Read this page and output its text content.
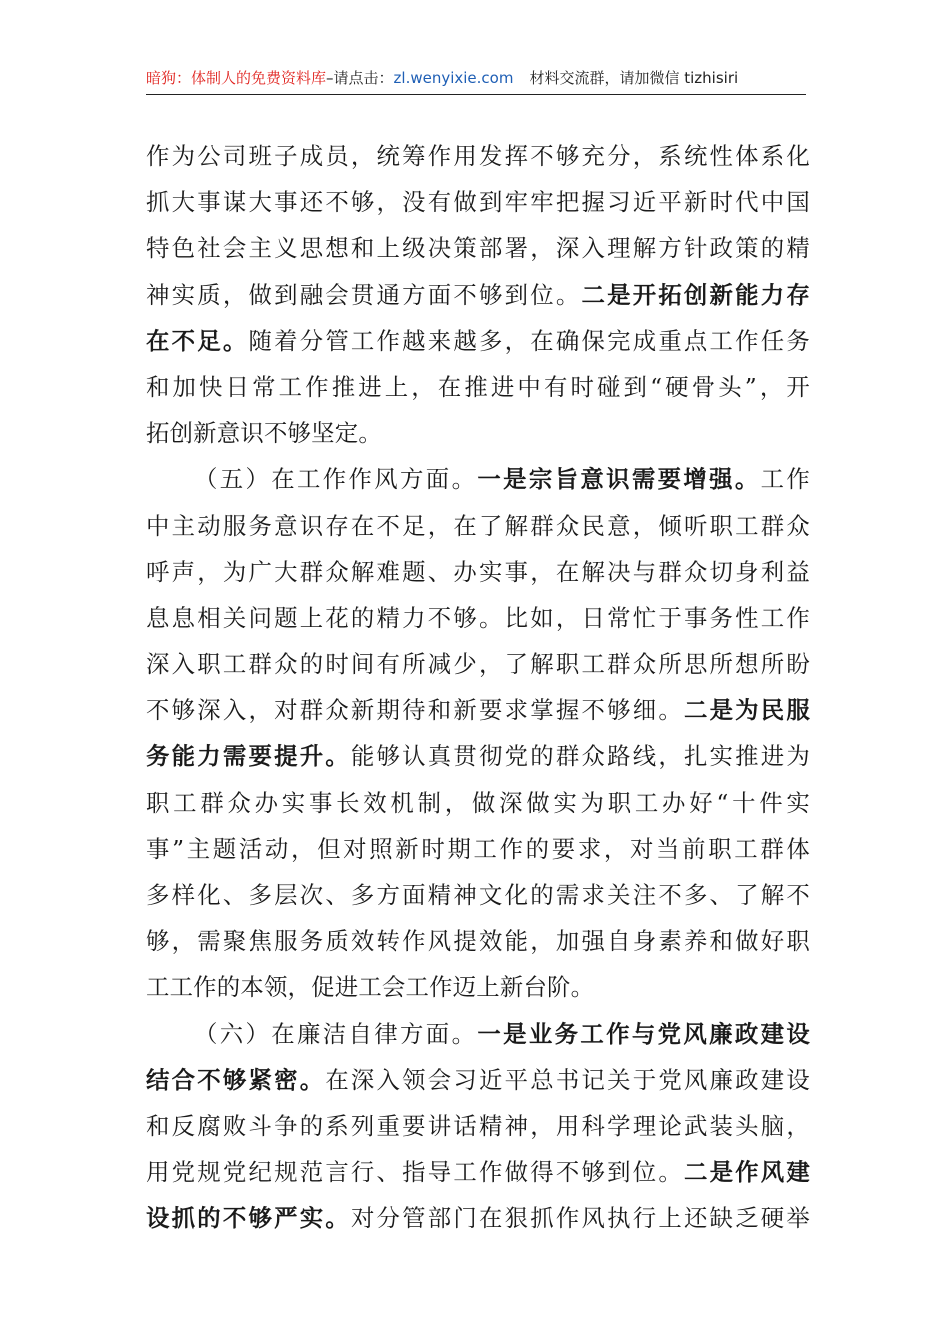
暗狗：体制人的免费资料库–请点击：zl.wenyixie.com 材料交流群，请加微信 tizhisiri
作为公司班子成员，统筹作用发挥不够充分，系统性体系化
抓大事谋大事还不够，没有做到牢牢把握习近平新时代中国
特色社会主义思想和上级决策部署，深入理解方针政策的精
神实质，做到融会贯通方面不够到位。二是开拓创新能力存
在不足。随着分管工作越来越多，在确保完成重点工作任务
和加快日常工作推进上，在推进中有时碰到“硬骨头”，开
拓创新意识不够坚定。
（五）在工作作风方面。一是宗旨意识需要增强。工作
中主动服务意识存在不足，在了解群众民意，倾听职工群众
呼声，为广大群众解难题、办实事，在解决与群众切身利益
息息相关问题上花的精力不够。比如，日常忙于事务性工作
深入职工群众的时间有所减少，了解职工群众所思所想所盼
不够深入，对群众新期待和新要求掌握不够细。二是为民服
务能力需要提升。能够认真贯彻党的群众路线，扎实推进为
职工群众办实事长效机制，做深做实为职工办好“十件实
事”主题活动，但对照新时期工作的要求，对当前职工群体
多样化、多层次、多方面精神文化的需求关注不多、了解不
够，需聚焦服务质效转作风提效能，加强自身素养和做好职
工工作的本领，促进工会工作迈上新台阶。
（六）在廉洁自律方面。一是业务工作与党风廉政建设
结合不够紧密。在深入领会习近平总书记关于党风廉政建设
和反腐败斗争的系列重要讲话精神，用科学理论武装头脑，
用党规党纪规范言行、指导工作做得不够到位。二是作风建
设抓的不够严实。对分管部门在狠抓作风执行上还缺乏硬举
